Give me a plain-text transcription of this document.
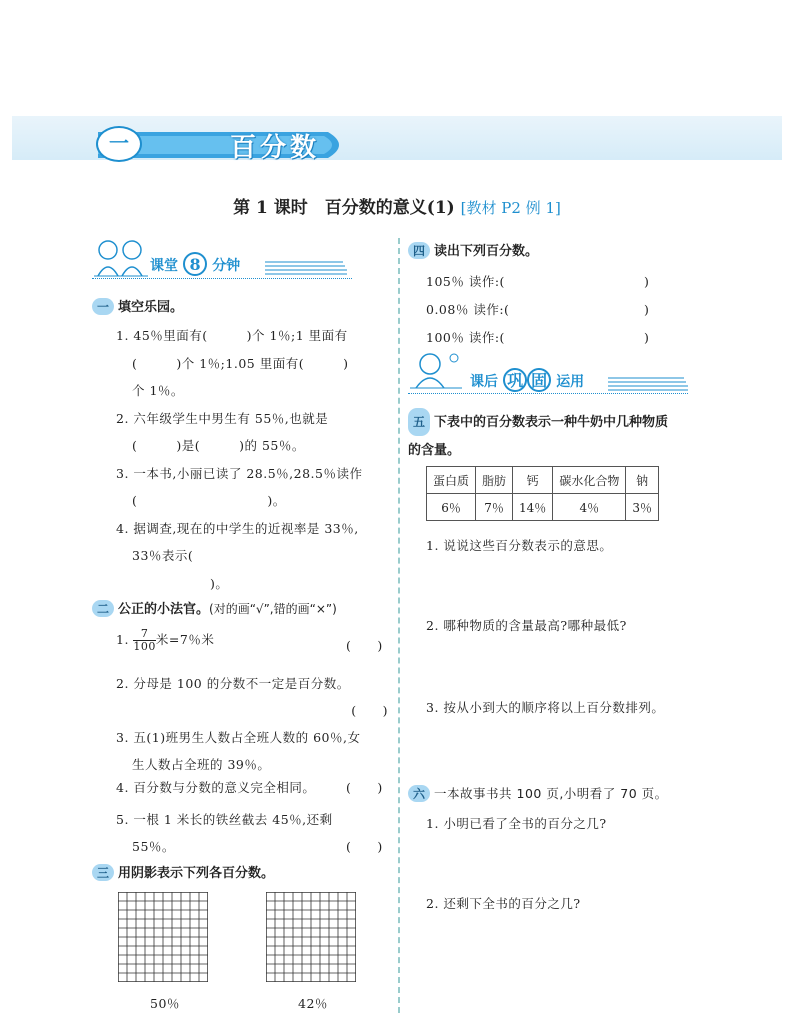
一	百分数
第 1 课时　百分数的意义(1) [教材 P2 例 1]
课堂 8 分钟
一 填空乐园。
1. 45％里面有(　　　)个 1％;1 里面有
(　　　)个 1％;1.05 里面有(　　　)
个 1％。
2. 六年级学生中男生有 55％,也就是
(　　　)是(　　　)的 55％。
3. 一本书,小丽已读了 28.5％,28.5％读作
(　　　　　　　　　　)。
4. 据调查,现在的中学生的近视率是 33％,
33％表示(
　　　　　　)。
二 公正的小法官。(对的画“√”,错的画“×”)
1. $\frac{7}{100}$ 米=7％米	(　　)
2. 分母是 100 的分数不一定是百分数。
(　　)
3. 五(1)班男生人数占全班人数的 60％,女
生人数占全班的 39％。
4. 百分数与分数的意义完全相同。 (　　)
5. 一根 1 米长的铁丝截去 45％,还剩
55％。	(　　)
三 用阴影表示下列各百分数。
50％	42％
四 读出下列百分数。
105％ 读作:(	)
0.08％ 读作:(	)
100％ 读作:(	)
课后 巩 固 运用
五 下表中的百分数表示一种牛奶中几种物质
的含量。
蛋白质	脂肪	钙	碳水化合物	钠
6％	7％	14％	4％	3％
1. 说说这些百分数表示的意思。
2. 哪种物质的含量最高?哪种最低?
3. 按从小到大的顺序将以上百分数排列。
六 一本故事书共 100 页,小明看了 70 页。
1. 小明已看了全书的百分之几?
2. 还剩下全书的百分之几?
